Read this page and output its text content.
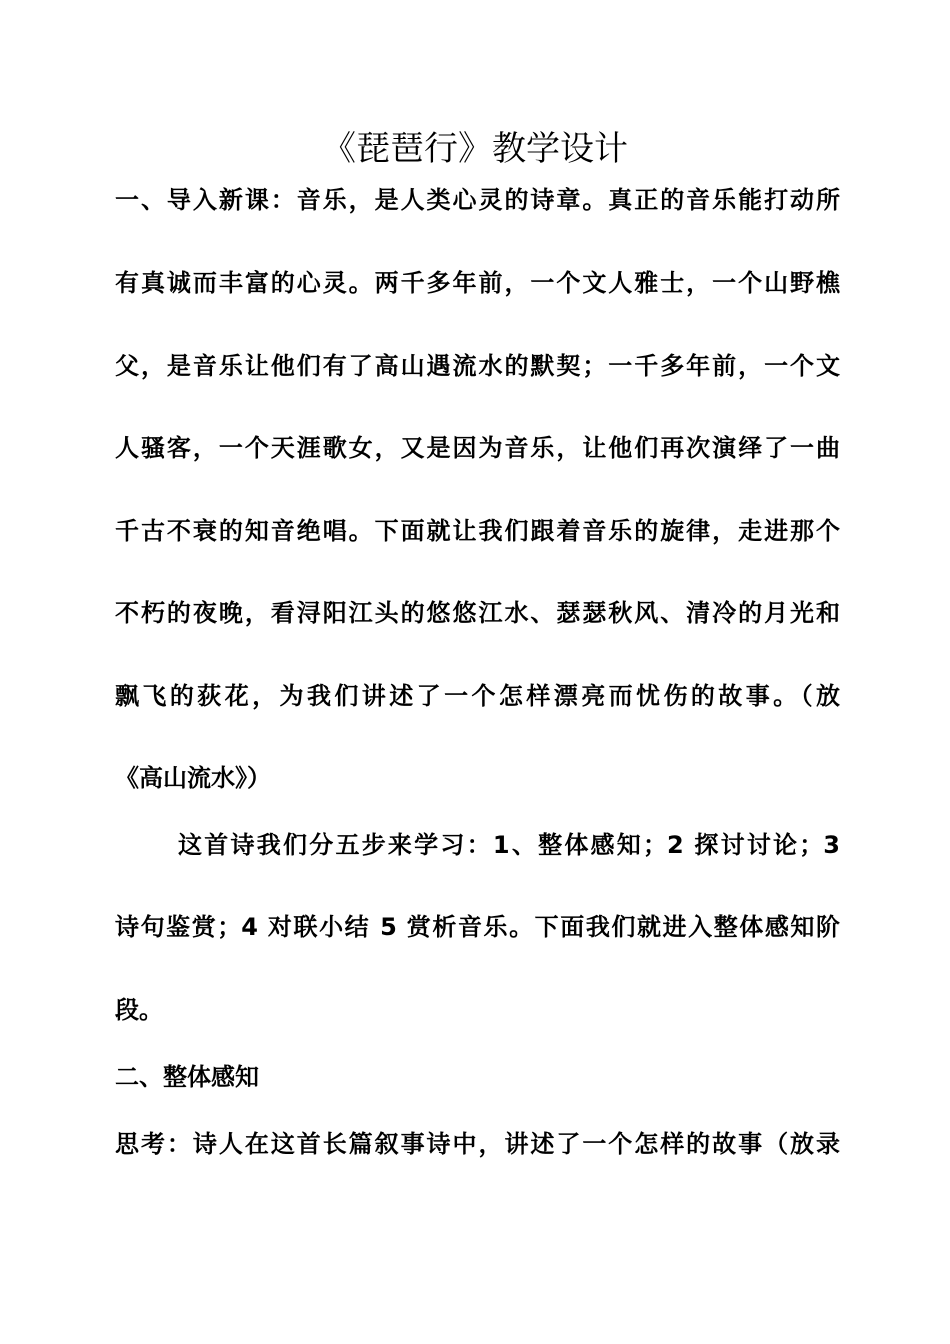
《琵琶行》教学设计
一、导入新课：音乐，是人类心灵的诗章。真正的音乐能打动所
有真诚而丰富的心灵。两千多年前，一个文人雅士，一个山野樵
父，是音乐让他们有了高山遇流水的默契；一千多年前，一个文
人骚客，一个天涯歌女，又是因为音乐，让他们再次演绎了一曲
千古不衰的知音绝唱。下面就让我们跟着音乐的旋律，走进那个
不朽的夜晚，看浔阳江头的悠悠江水、瑟瑟秋风、清冷的月光和
飘飞的荻花，为我们讲述了一个怎样漂亮而忧伤的故事。（放
《高山流水》）
这首诗我们分五步来学习：1、整体感知；2 探讨讨论；3
诗句鉴赏；4 对联小结 5 赏析音乐。下面我们就进入整体感知阶
段。
二、整体感知
思考：诗人在这首长篇叙事诗中，讲述了一个怎样的故事（放录
